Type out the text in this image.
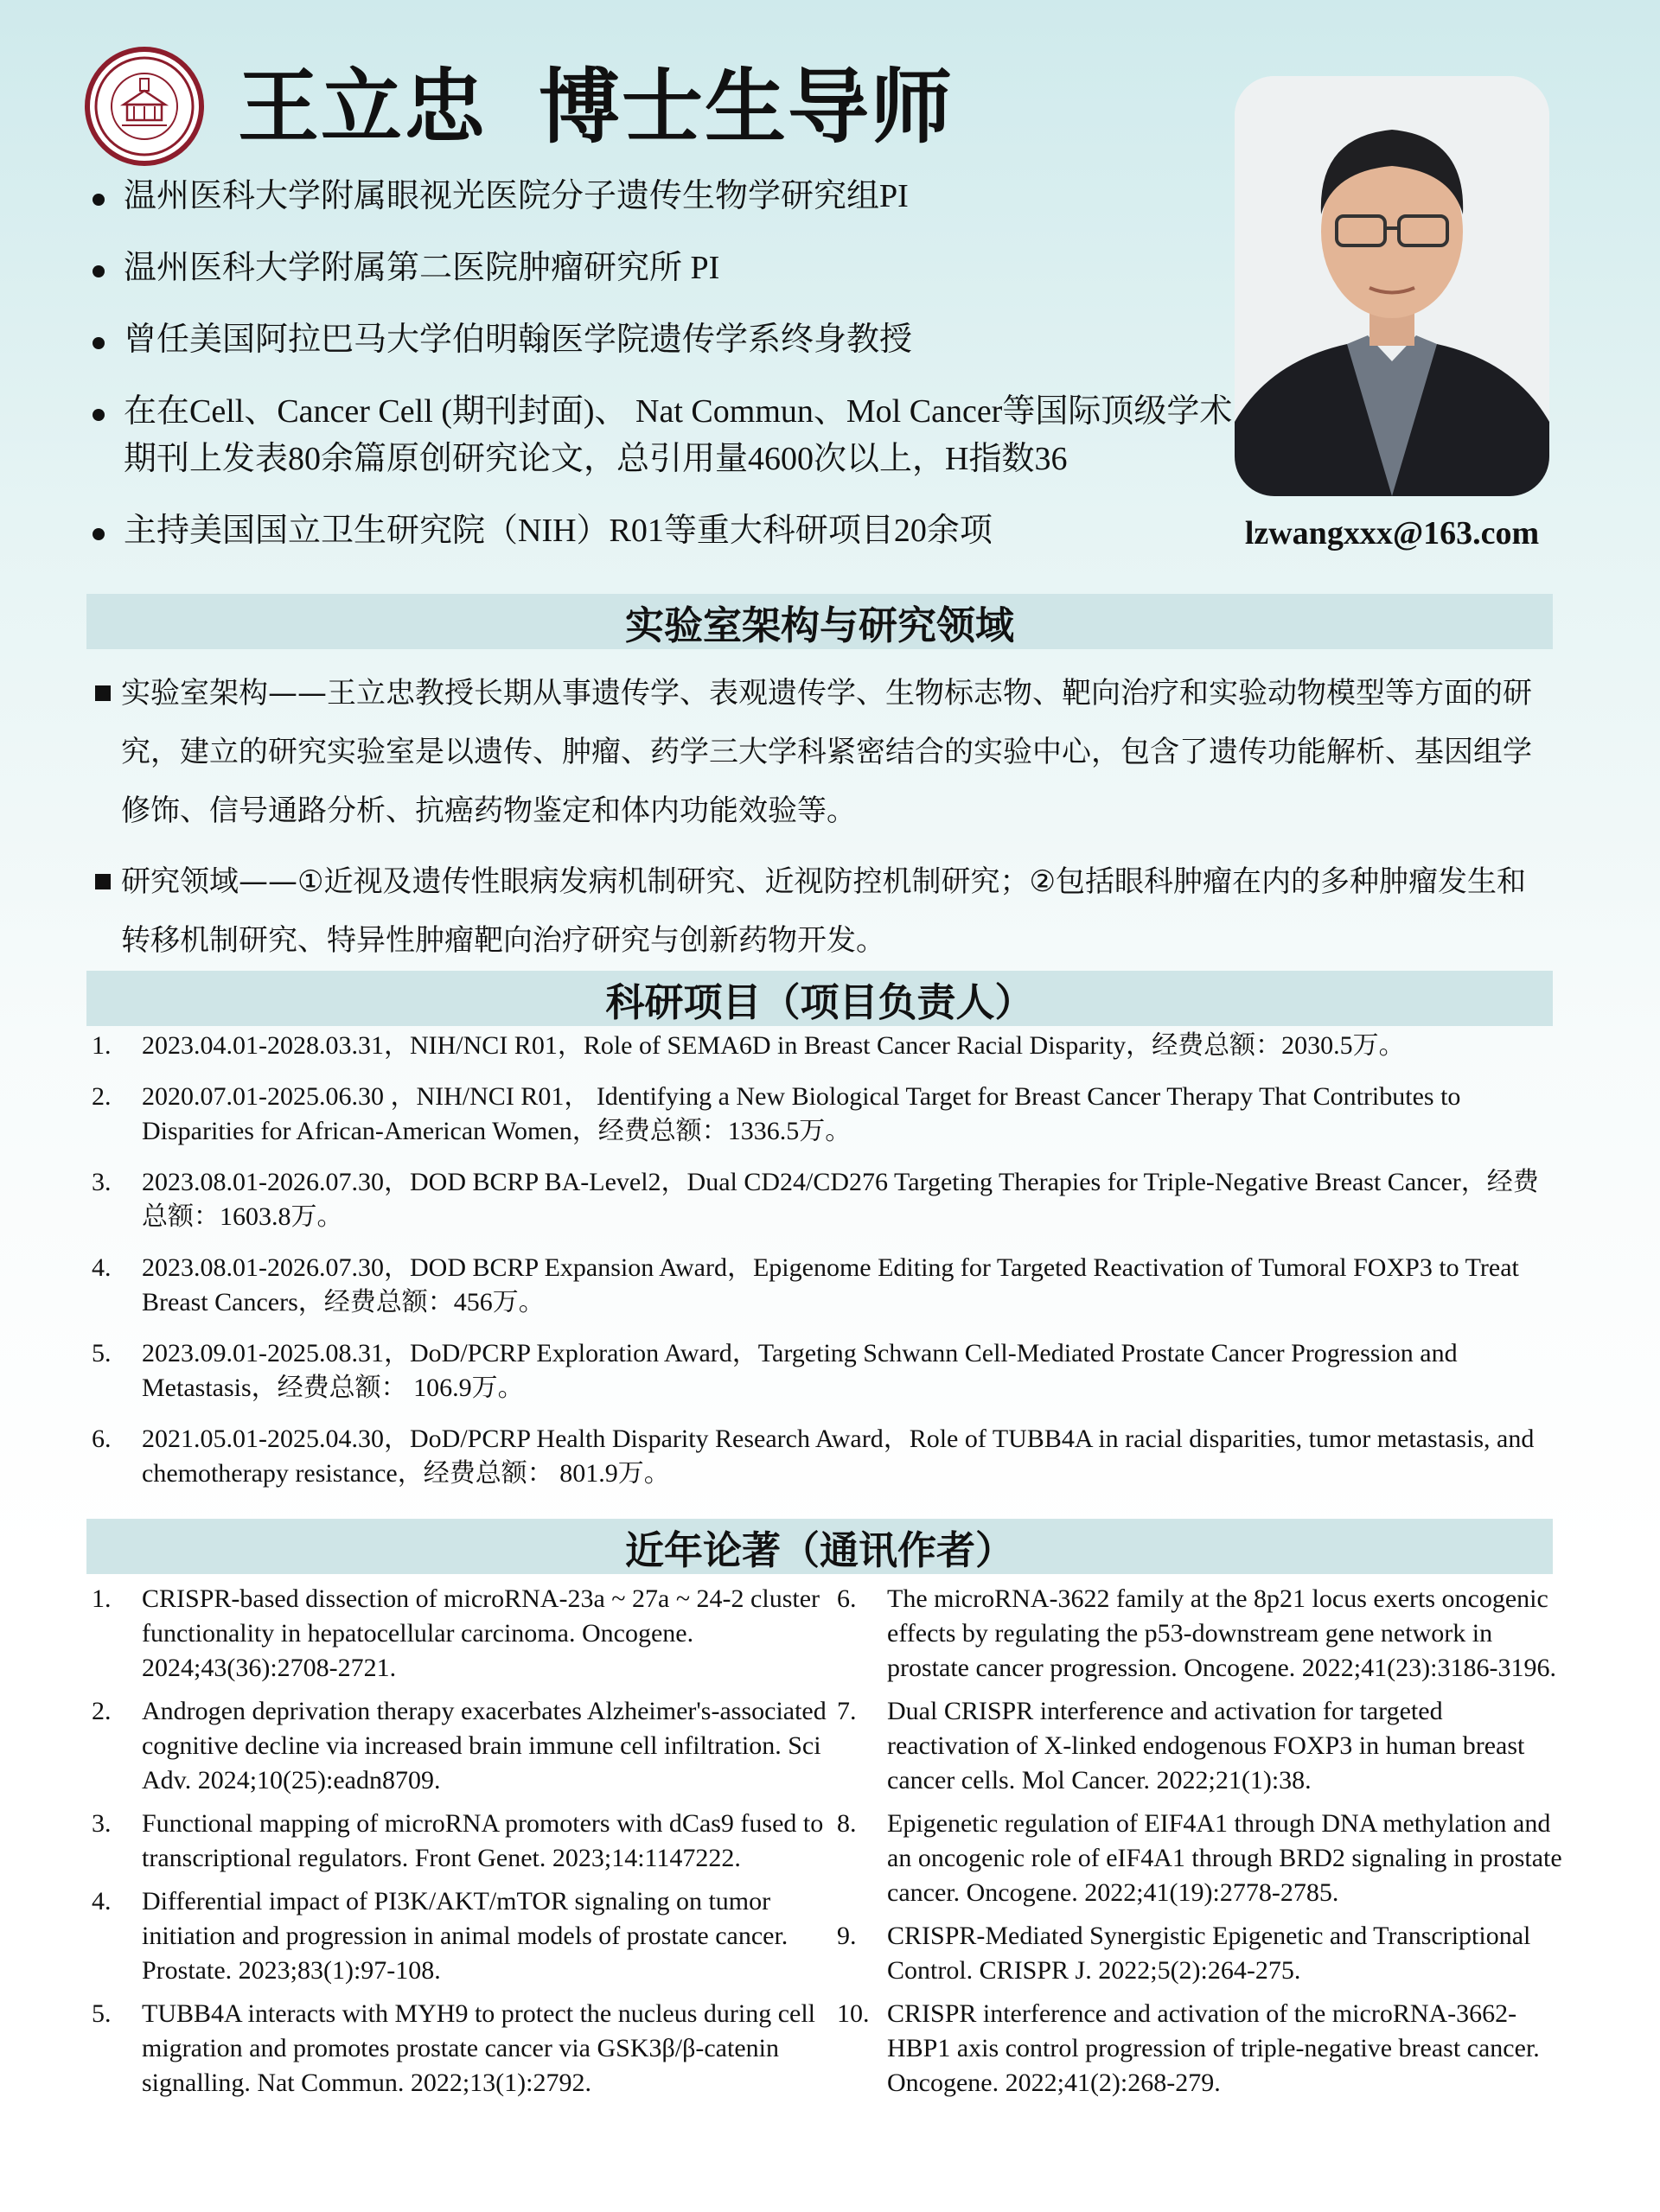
王立忠 博士生导师
温州医科大学附属眼视光医院分子遗传生物学研究组PI
温州医科大学附属第二医院肿瘤研究所 PI
曾任美国阿拉巴马大学伯明翰医学院遗传学系终身教授
在在Cell、Cancer Cell (期刊封面)、 Nat Commun、Mol Cancer等国际顶级学术期刊上发表80余篇原创研究论文，总引用量4600次以上，H指数36
主持美国国立卫生研究院（NIH）R01等重大科研项目20余项	lzwangxxx@163.com
实验室架构与研究领域
实验室架构——王立忠教授长期从事遗传学、表观遗传学、生物标志物、靶向治疗和实验动物模型等方面的研究，建立的研究实验室是以遗传、肿瘤、药学三大学科紧密结合的实验中心，包含了遗传功能解析、基因组学修饰、信号通路分析、抗癌药物鉴定和体内功能效验等。
研究领域——①近视及遗传性眼病发病机制研究、近视防控机制研究；②包括眼科肿瘤在内的多种肿瘤发生和转移机制研究、特异性肿瘤靶向治疗研究与创新药物开发。
科研项目（项目负责人）
1.	2023.04.01-2028.03.31，NIH/NCI R01，Role of SEMA6D in Breast Cancer Racial Disparity，经费总额：2030.5万。
2.	2020.07.01-2025.06.30 ，NIH/NCI R01， Identifying a New Biological Target for Breast Cancer Therapy That Contributes to Disparities for African-American Women，经费总额：1336.5万。
3.	2023.08.01-2026.07.30，DOD BCRP BA-Level2，Dual CD24/CD276 Targeting Therapies for Triple-Negative Breast Cancer，经费总额：1603.8万。
4.	2023.08.01-2026.07.30，DOD BCRP Expansion Award，Epigenome Editing for Targeted Reactivation of Tumoral FOXP3 to Treat Breast Cancers，经费总额：456万。
5.	2023.09.01-2025.08.31，DoD/PCRP Exploration Award，Targeting Schwann Cell-Mediated Prostate Cancer Progression and Metastasis，经费总额： 106.9万。
6.	2021.05.01-2025.04.30，DoD/PCRP Health Disparity Research Award，Role of TUBB4A in racial disparities, tumor metastasis, and chemotherapy resistance，经费总额： 801.9万。
近年论著（通讯作者）
1.	CRISPR-based dissection of microRNA-23a ~ 27a ~ 24-2 cluster functionality in hepatocellular carcinoma. Oncogene. 2024;43(36):2708-2721.
2.	Androgen deprivation therapy exacerbates Alzheimer's-associated cognitive decline via increased brain immune cell infiltration. Sci Adv. 2024;10(25):eadn8709.
3.	Functional mapping of microRNA promoters with dCas9 fused to transcriptional regulators. Front Genet. 2023;14:1147222.
4.	Differential impact of PI3K/AKT/mTOR signaling on tumor initiation and progression in animal models of prostate cancer. Prostate. 2023;83(1):97-108.
5.	TUBB4A interacts with MYH9 to protect the nucleus during cell migration and promotes prostate cancer via GSK3β/β-catenin signalling. Nat Commun. 2022;13(1):2792.
6.	The microRNA-3622 family at the 8p21 locus exerts oncogenic effects by regulating the p53-downstream gene network in prostate cancer progression. Oncogene. 2022;41(23):3186-3196.
7.	Dual CRISPR interference and activation for targeted reactivation of X-linked endogenous FOXP3 in human breast cancer cells. Mol Cancer. 2022;21(1):38.
8.	Epigenetic regulation of EIF4A1 through DNA methylation and an oncogenic role of eIF4A1 through BRD2 signaling in prostate cancer. Oncogene. 2022;41(19):2778-2785.
9.	CRISPR-Mediated Synergistic Epigenetic and Transcriptional Control. CRISPR J. 2022;5(2):264-275.
10. CRISPR interference and activation of the microRNA-3662-HBP1 axis control progression of triple-negative breast cancer. Oncogene. 2022;41(2):268-279.
